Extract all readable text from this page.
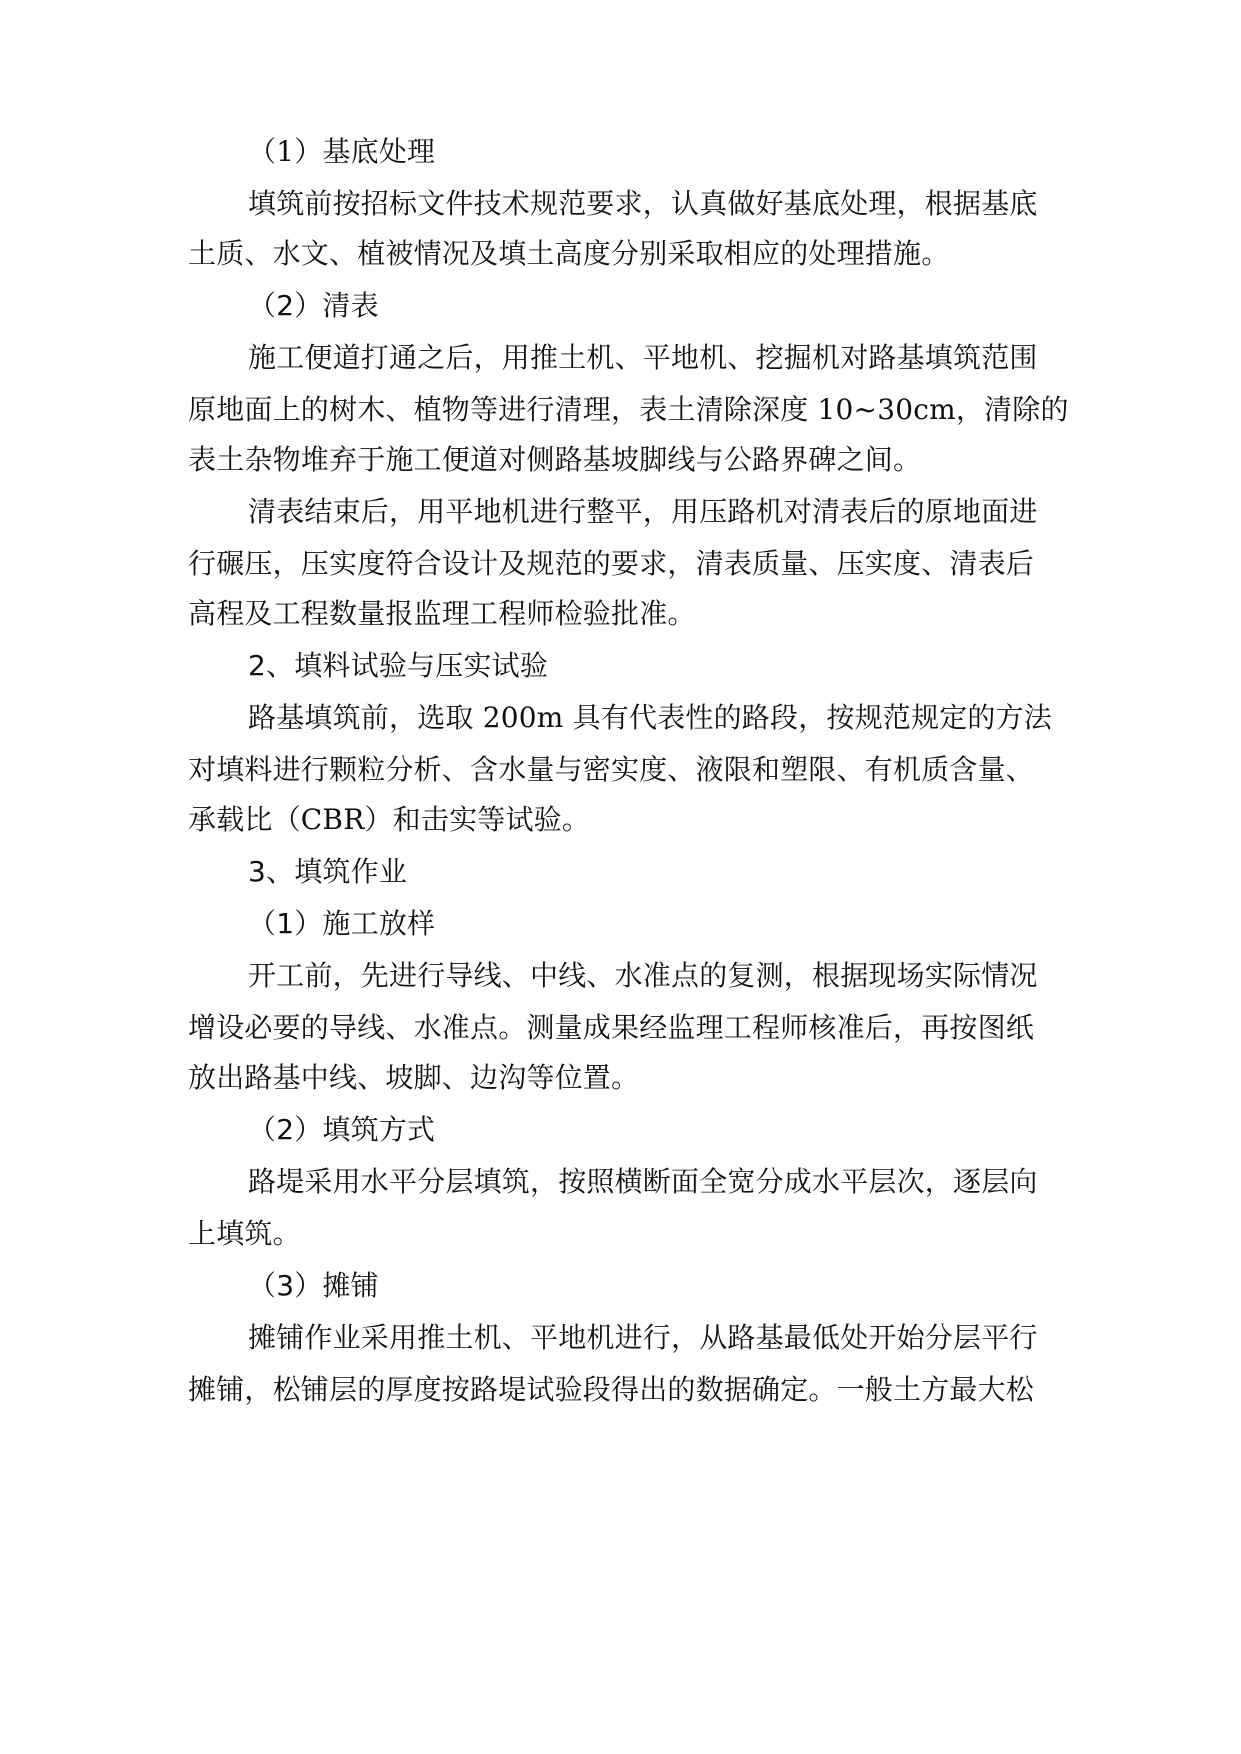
（1）基底处理
填筑前按招标文件技术规范要求，认真做好基底处理，根据基底
土质、水文、植被情况及填土高度分别采取相应的处理措施。
（2）清表
施工便道打通之后，用推土机、平地机、挖掘机对路基填筑范围
原地面上的树木、植物等进行清理，表土清除深度 10~30cm，清除的
表土杂物堆弃于施工便道对侧路基坡脚线与公路界碑之间。
清表结束后，用平地机进行整平，用压路机对清表后的原地面进
行碾压，压实度符合设计及规范的要求，清表质量、压实度、清表后
高程及工程数量报监理工程师检验批准。
2、填料试验与压实试验
路基填筑前，选取 200m 具有代表性的路段，按规范规定的方法
对填料进行颗粒分析、含水量与密实度、液限和塑限、有机质含量、
承载比（CBR）和击实等试验。
3、填筑作业
（1）施工放样
开工前，先进行导线、中线、水准点的复测，根据现场实际情况
增设必要的导线、水准点。测量成果经监理工程师核准后，再按图纸
放出路基中线、坡脚、边沟等位置。
（2）填筑方式
路堤采用水平分层填筑，按照横断面全宽分成水平层次，逐层向
上填筑。
（3）摊铺
摊铺作业采用推土机、平地机进行，从路基最低处开始分层平行
摊铺，松铺层的厚度按路堤试验段得出的数据确定。一般土方最大松
